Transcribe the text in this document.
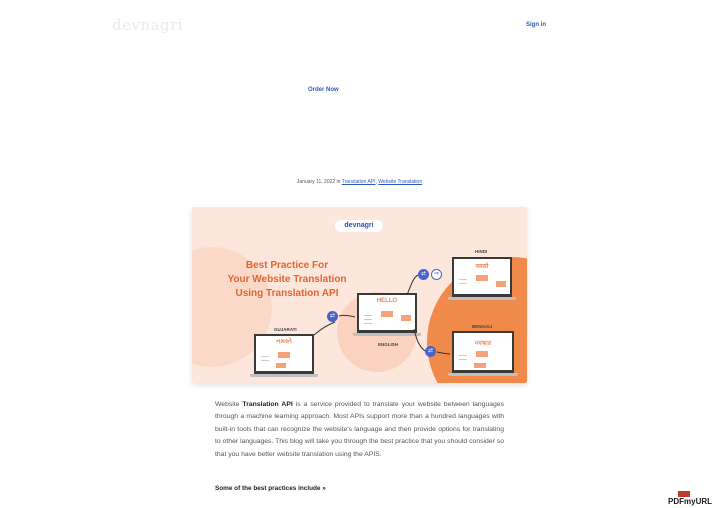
devnagri	Sign in
Order Now
January 11, 2022 in Translation API, Website Translation
devnagri
Best Practice For
Your Website Translation
Using Translation API
HELLO
ENGLISH
नमस्ते
HINDI
નમસ્તે
GUJARATI
নমস্কার
BENGALI
⇄
⇄
⇄
⇒
Website Translation API is a service provided to translate your website between languages through a machine learning approach. Most APIs support more than a hundred languages with built-in tools that can recognize the website's language and then provide options for translating to other languages. This blog will take you through the best practice that you should consider so that you have better website translation using the APIS.
Some of the best practices include »
PDFmyURL
